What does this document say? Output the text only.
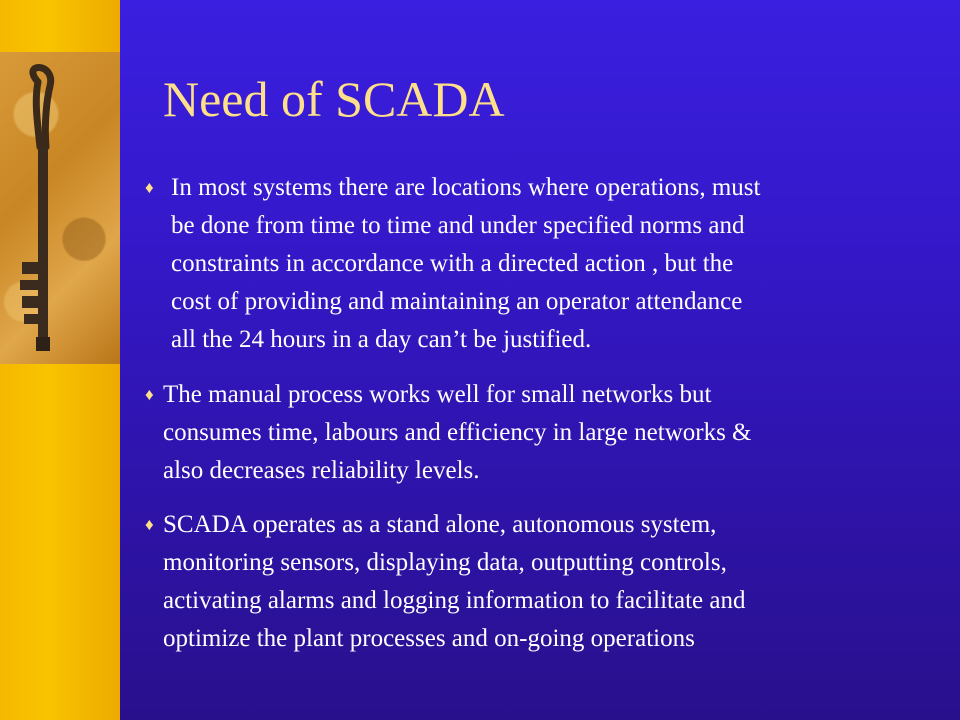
Need of SCADA
♦ In most systems there are locations where operations, must
be done from time to time and under specified norms and
constraints in accordance with a directed action , but the
cost of providing and maintaining an operator attendance
all the 24 hours in a day can’t be justified.
♦ The manual process works well for small networks but
consumes time, labours and efficiency in large networks &
also decreases reliability levels.
♦ SCADA operates as a stand alone, autonomous system,
monitoring sensors, displaying data, outputting controls,
activating alarms and logging information to facilitate and
optimize the plant processes and on-going operations
